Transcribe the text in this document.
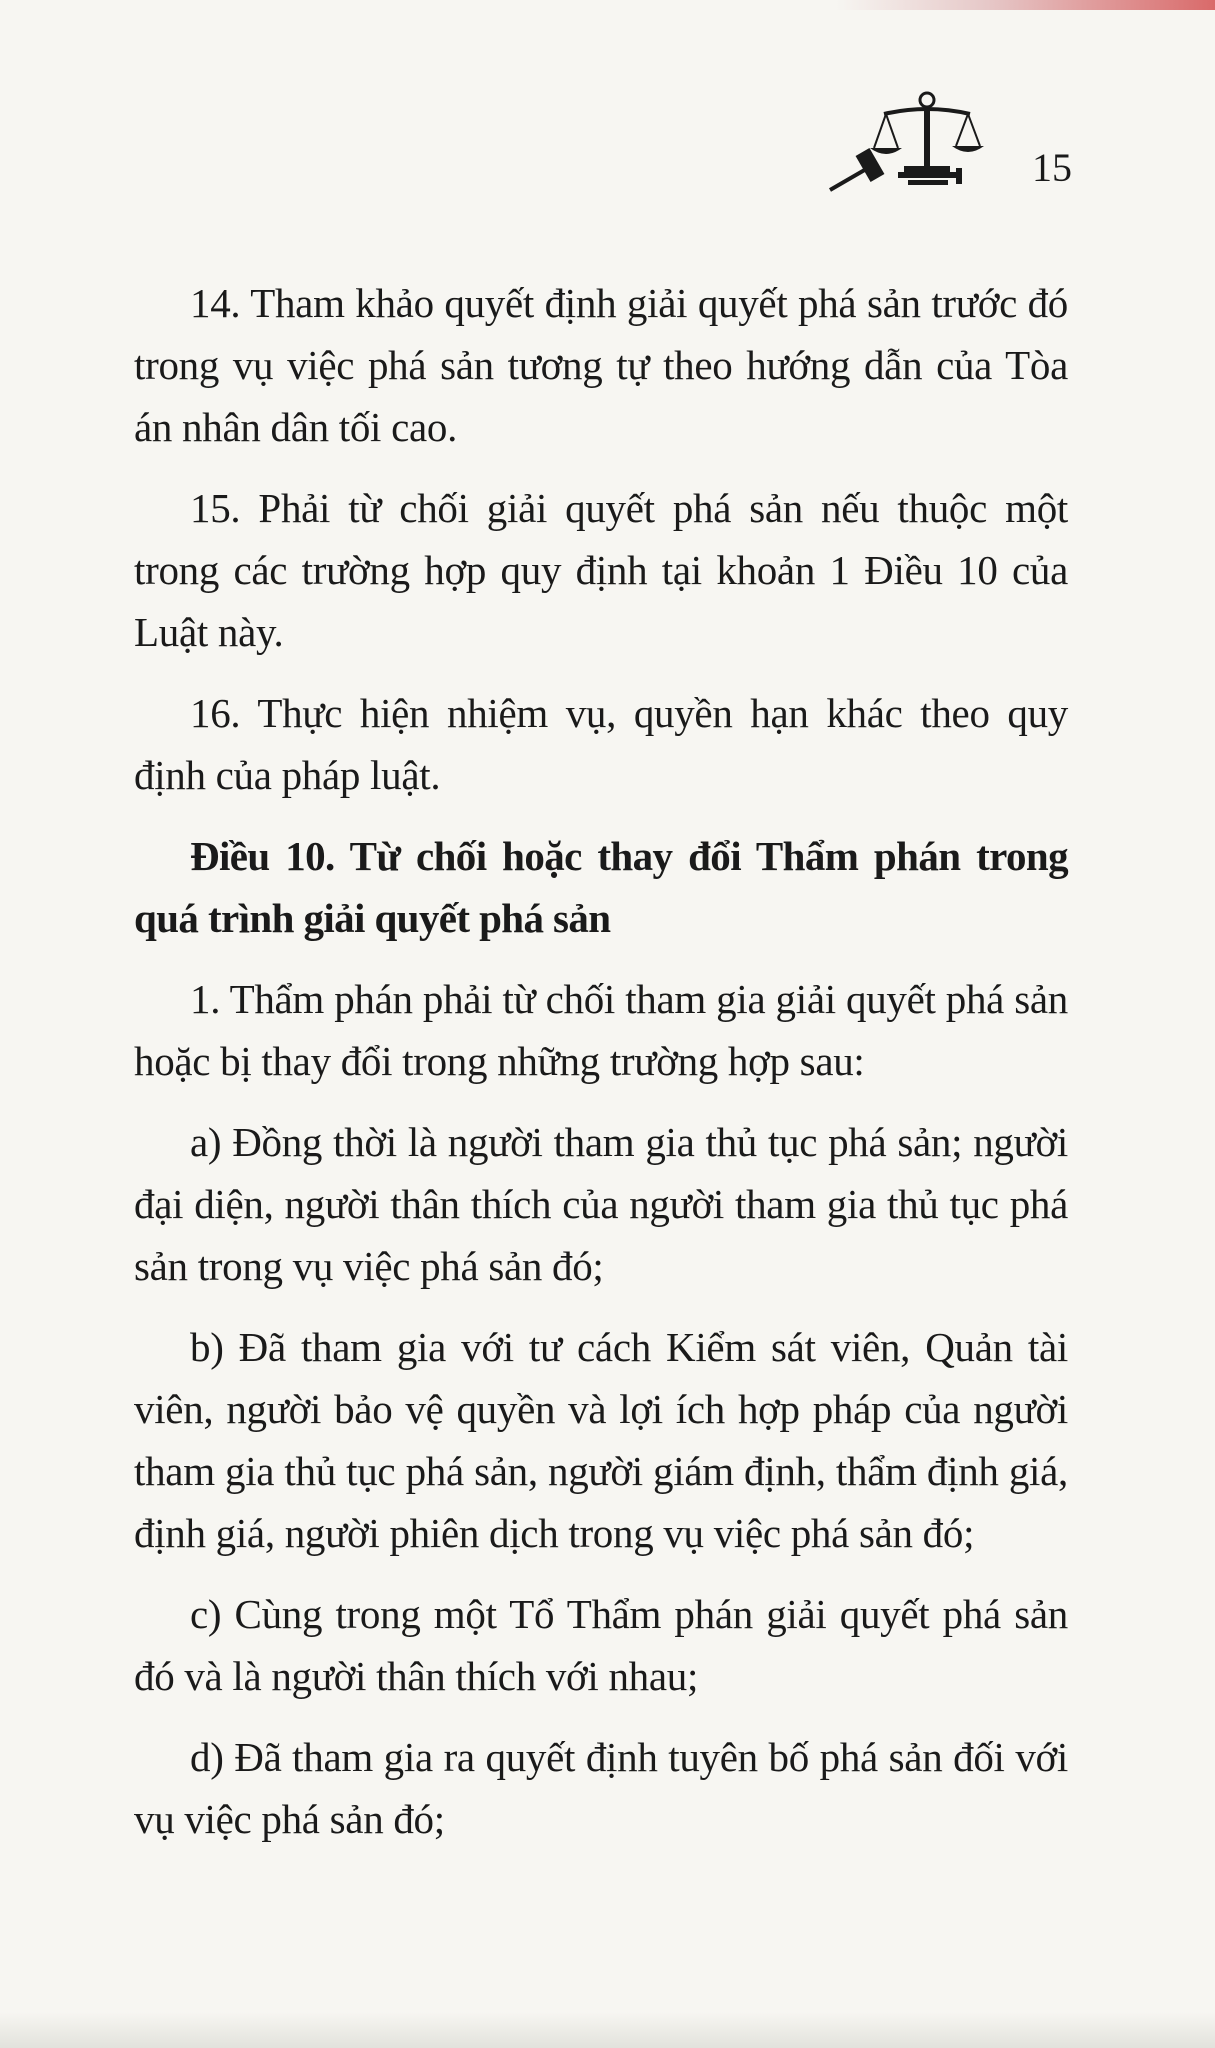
15

14. Tham khảo quyết định giải quyết phá sản trước đó trong vụ việc phá sản tương tự theo hướng dẫn của Tòa án nhân dân tối cao.

15. Phải từ chối giải quyết phá sản nếu thuộc một trong các trường hợp quy định tại khoản 1 Điều 10 của Luật này.

16. Thực hiện nhiệm vụ, quyền hạn khác theo quy định của pháp luật.

Điều 10. Từ chối hoặc thay đổi Thẩm phán trong quá trình giải quyết phá sản

1. Thẩm phán phải từ chối tham gia giải quyết phá sản hoặc bị thay đổi trong những trường hợp sau:

a) Đồng thời là người tham gia thủ tục phá sản; người đại diện, người thân thích của người tham gia thủ tục phá sản trong vụ việc phá sản đó;

b) Đã tham gia với tư cách Kiểm sát viên, Quản tài viên, người bảo vệ quyền và lợi ích hợp pháp của người tham gia thủ tục phá sản, người giám định, thẩm định giá, định giá, người phiên dịch trong vụ việc phá sản đó;

c) Cùng trong một Tổ Thẩm phán giải quyết phá sản đó và là người thân thích với nhau;

d) Đã tham gia ra quyết định tuyên bố phá sản đối với vụ việc phá sản đó;
